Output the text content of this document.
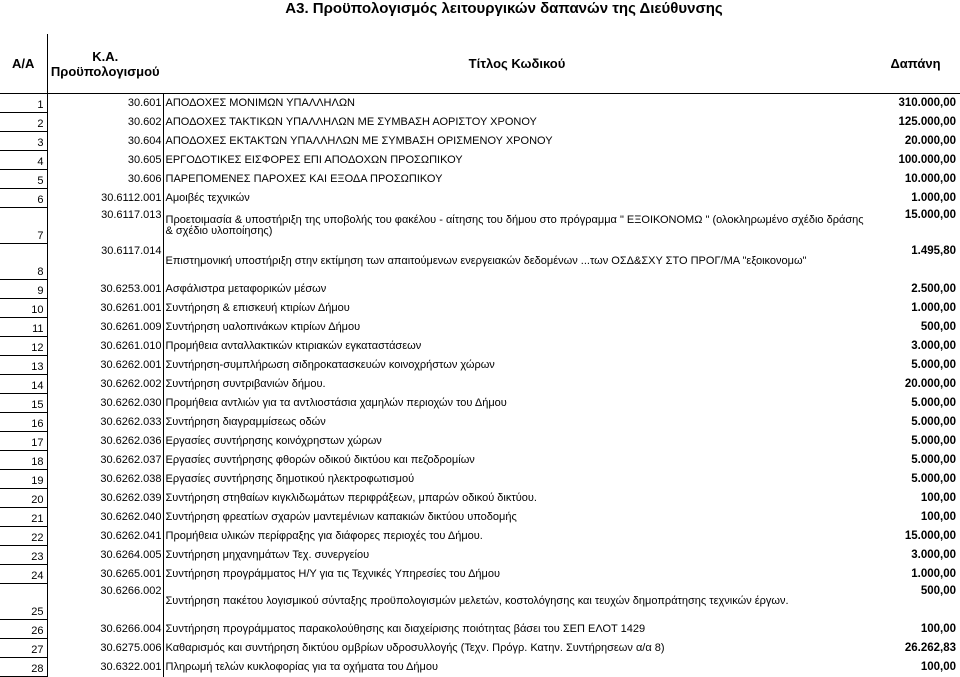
Α3. Προϋπολογισμός λειτουργικών δαπανών της Διεύθυνσης
Α/Α	Κ.Α. Προϋπολογισμού	Τίτλος Κωδικού	Δαπάνη
1	30.601	ΑΠΟΔΟΧΕΣ ΜΟΝΙΜΩΝ ΥΠΑΛΛΗΛΩΝ	310.000,00
2	30.602	ΑΠΟΔΟΧΕΣ ΤΑΚΤΙΚΩΝ ΥΠΑΛΛΗΛΩΝ ΜΕ ΣΥΜΒΑΣΗ ΑΟΡΙΣΤΟΥ ΧΡΟΝΟΥ	125.000,00
3	30.604	ΑΠΟΔΟΧΕΣ ΕΚΤΑΚΤΩΝ ΥΠΑΛΛΗΛΩΝ ΜΕ ΣΥΜΒΑΣΗ ΟΡΙΣΜΕΝΟΥ ΧΡΟΝΟΥ	20.000,00
4	30.605	ΕΡΓΟΔΟΤΙΚΕΣ ΕΙΣΦΟΡΕΣ ΕΠΙ ΑΠΟΔΟΧΩΝ ΠΡΟΣΩΠΙΚΟΥ	100.000,00
5	30.606	ΠΑΡΕΠΟΜΕΝΕΣ ΠΑΡΟΧΕΣ ΚΑΙ ΕΞΟΔΑ ΠΡΟΣΩΠΙΚΟΥ	10.000,00
6	30.6112.001	Αμοιβές τεχνικών	1.000,00
7	30.6117.013	Προετοιμασία & υποστήριξη της υποβολής του φακέλου - αίτησης του δήμου στο πρόγραμμα " ΕΞΟΙΚΟΝΟΜΩ " (ολοκληρωμένο σχέδιο δράσης & σχέδιο υλοποίησης)	15.000,00
8	30.6117.014	Επιστημονική υποστήριξη στην εκτίμηση των απαιτούμενων ενεργειακών δεδομένων ...των ΟΣΔ&ΣΧΥ ΣΤΟ ΠΡΟΓ/ΜΑ "εξοικονομω"	1.495,80
9	30.6253.001	Ασφάλιστρα μεταφορικών μέσων	2.500,00
10	30.6261.001	Συντήρηση & επισκευή κτιρίων Δήμου	1.000,00
11	30.6261.009	Συντήρηση υαλοπινάκων κτιρίων Δήμου	500,00
12	30.6261.010	Προμήθεια ανταλλακτικών κτιριακών εγκαταστάσεων	3.000,00
13	30.6262.001	Συντήρηση-συμπλήρωση σιδηροκατασκευών κοινοχρήστων χώρων	5.000,00
14	30.6262.002	Συντήρηση συντριβανιών δήμου.	20.000,00
15	30.6262.030	Προμήθεια αντλιών για τα αντλιοστάσια χαμηλών περιοχών του Δήμου	5.000,00
16	30.6262.033	Συντήρηση διαγραμμίσεως οδών	5.000,00
17	30.6262.036	Εργασίες συντήρησης κοινόχρηστων χώρων	5.000,00
18	30.6262.037	Εργασίες συντήρησης φθορών οδικού δικτύου και πεζοδρομίων	5.000,00
19	30.6262.038	Εργασίες συντήρησης δημοτικού ηλεκτροφωτισμού	5.000,00
20	30.6262.039	Συντήρηση στηθαίων κιγκλιδωμάτων περιφράξεων, μπαρών οδικού δικτύου.	100,00
21	30.6262.040	Συντήρηση φρεατίων σχαρών μαντεμένιων καπακιών δικτύου υποδομής	100,00
22	30.6262.041	Προμήθεια υλικών περίφραξης για διάφορες περιοχές του Δήμου.	15.000,00
23	30.6264.005	Συντήρηση μηχανημάτων Τεχ. συνεργείου	3.000,00
24	30.6265.001	Συντήρηση προγράμματος Η/Υ για τις Τεχνικές Υπηρεσίες του Δήμου	1.000,00
25	30.6266.002	Συντήρηση πακέτου λογισμικού σύνταξης προϋπολογισμών μελετών, κοστολόγησης και τευχών δημοπράτησης τεχνικών έργων.	500,00
26	30.6266.004	Συντήρηση προγράμματος παρακολούθησης και διαχείρισης ποιότητας βάσει του ΣΕΠ ΕΛΟΤ 1429	100,00
27	30.6275.006	Καθαρισμός και συντήρηση δικτύου ομβρίων υδροσυλλογής (Τεχν. Πρόγρ. Κατην. Συντήρησεων α/α 8)	26.262,83
28	30.6322.001	Πληρωμή τελών κυκλοφορίας για τα οχήματα του Δήμου	100,00
